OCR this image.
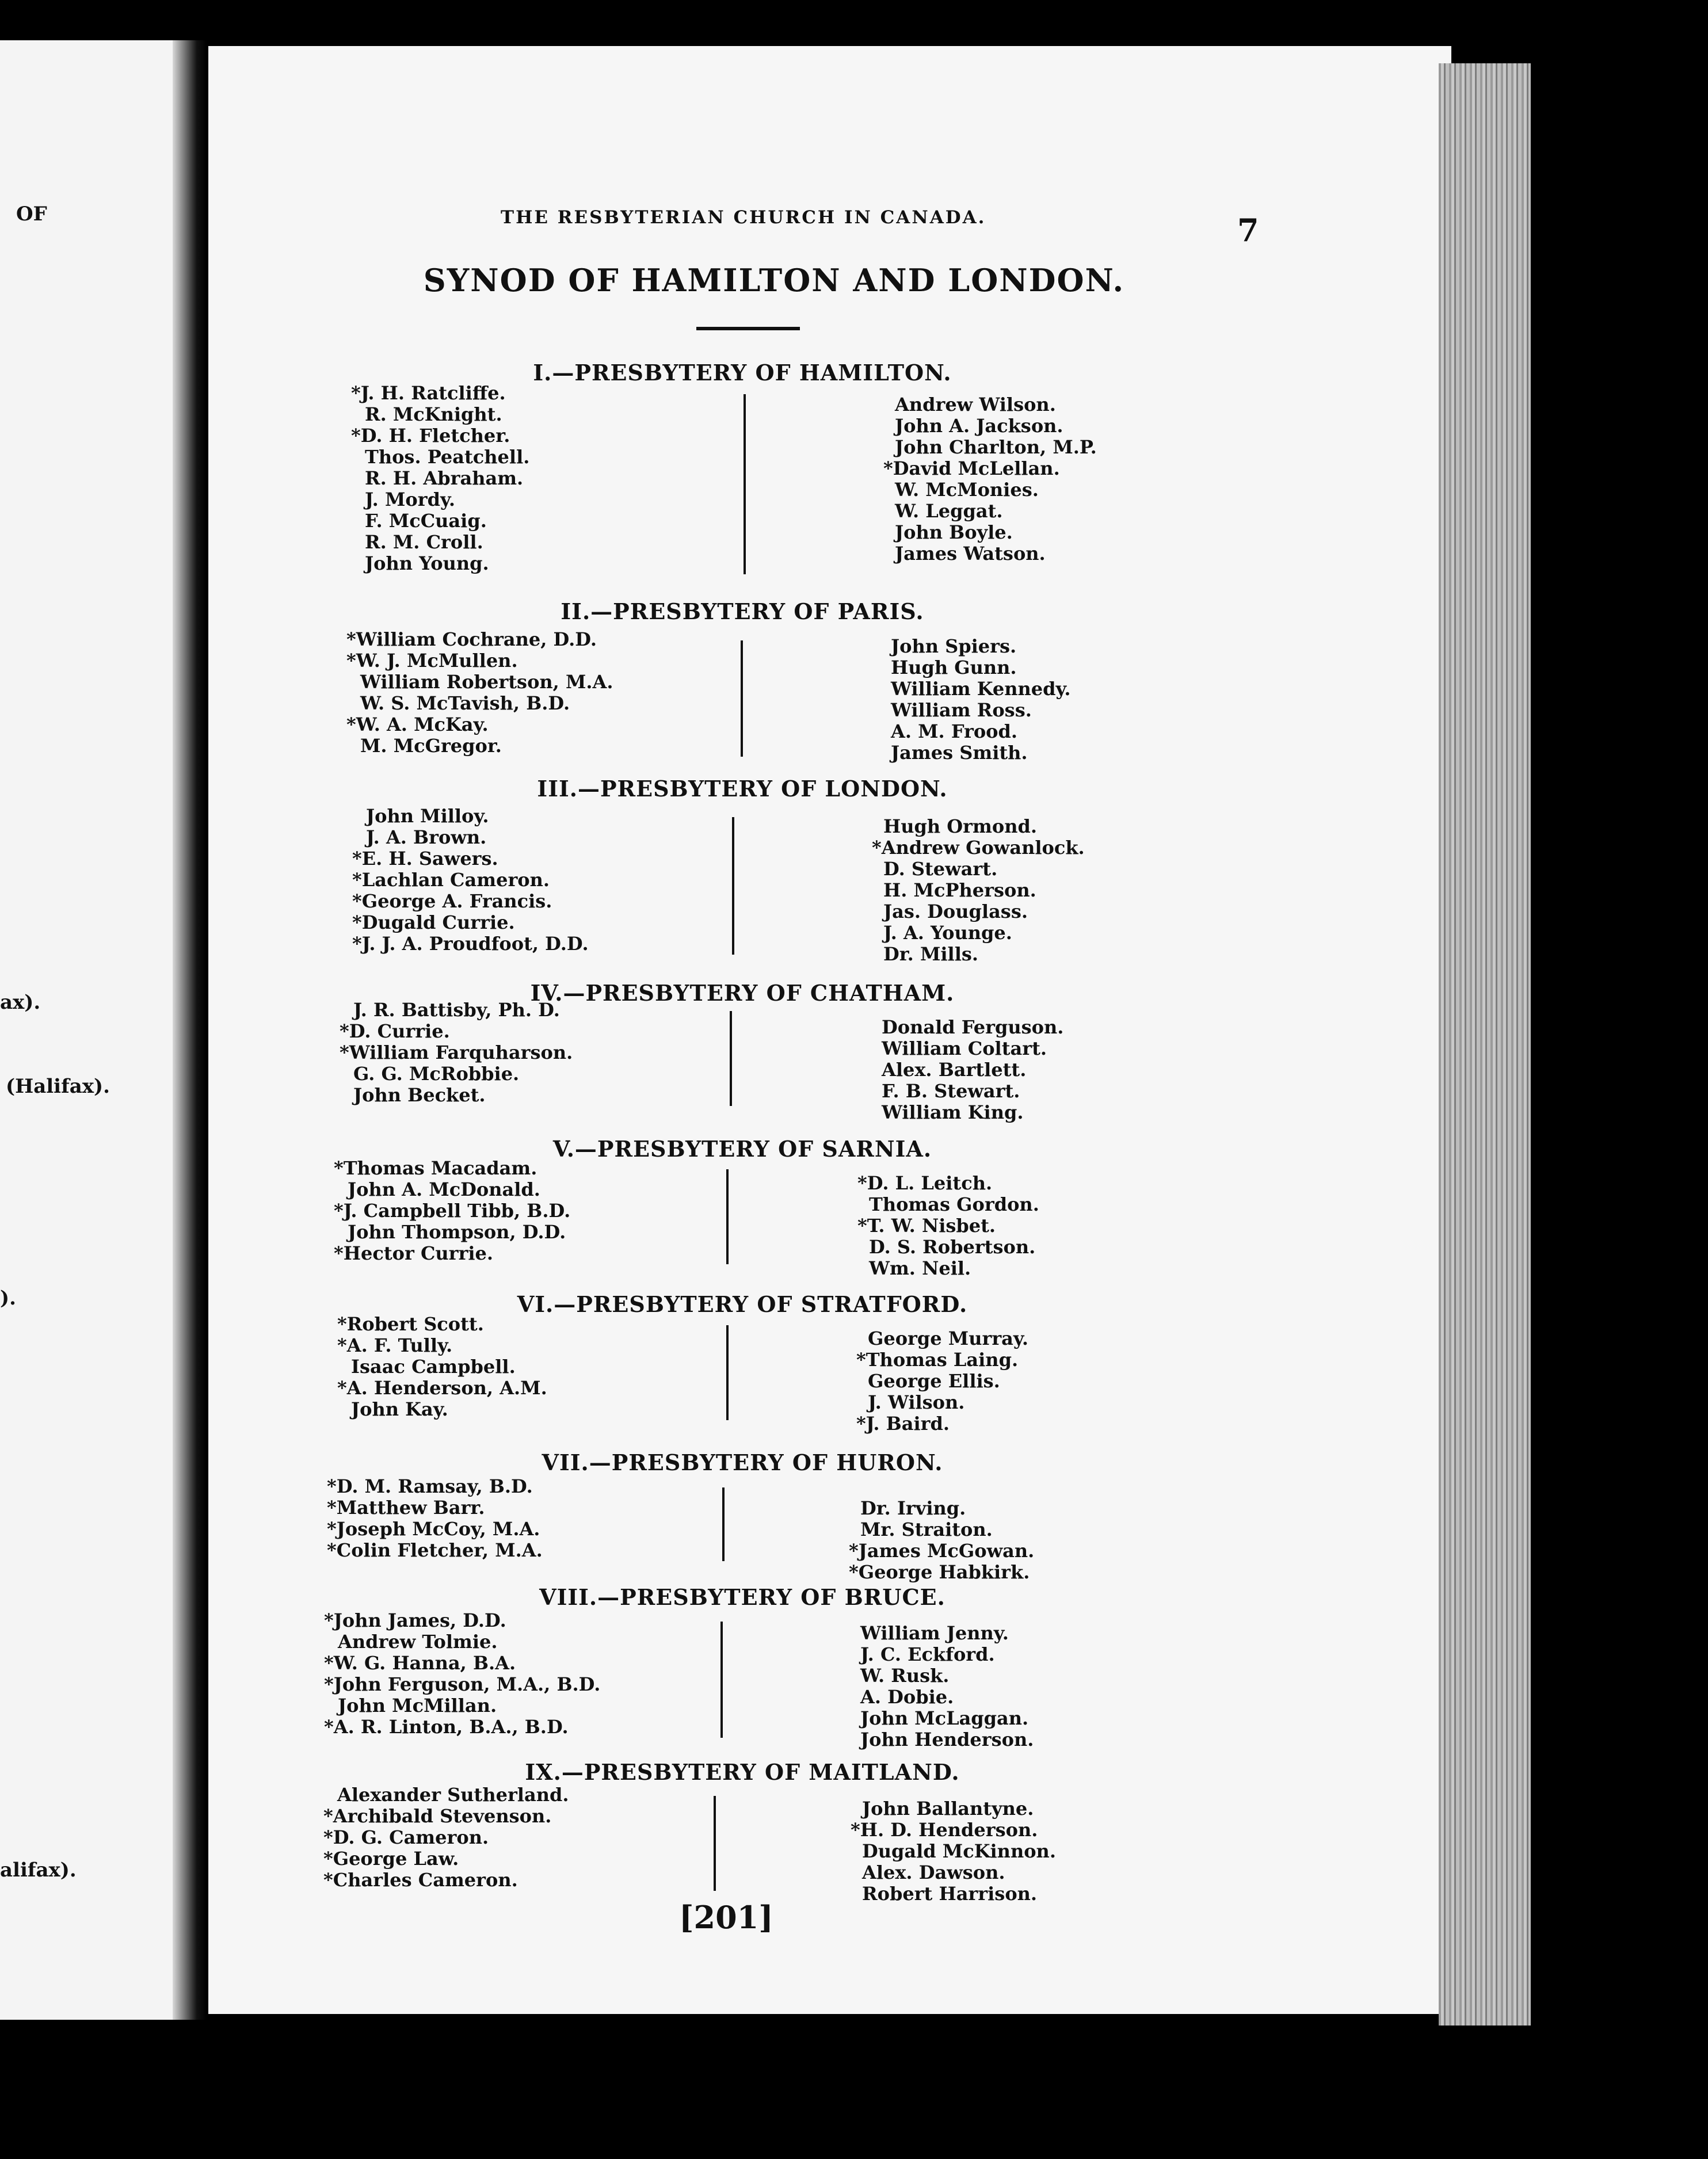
OF
ax).
(Halifax).
).
alifax).
THE RESBYTERIAN CHURCH IN CANADA.	7
SYNOD OF HAMILTON AND LONDON.
I.—PRESBYTERY OF HAMILTON.
*J. H. Ratcliffe.
R. McKnight.
*D. H. Fletcher.
Thos. Peatchell.
R. H. Abraham.
J. Mordy.
F. McCuaig.
R. M. Croll.
John Young.
Andrew Wilson.
John A. Jackson.
John Charlton, M.P.
*David McLellan.
W. McMonies.
W. Leggat.
John Boyle.
James Watson.
II.—PRESBYTERY OF PARIS.
*William Cochrane, D.D.
*W. J. McMullen.
William Robertson, M.A.
W. S. McTavish, B.D.
*W. A. McKay.
M. McGregor.
John Spiers.
Hugh Gunn.
William Kennedy.
William Ross.
A. M. Frood.
James Smith.
III.—PRESBYTERY OF LONDON.
John Milloy.
J. A. Brown.
*E. H. Sawers.
*Lachlan Cameron.
*George A. Francis.
*Dugald Currie.
*J. J. A. Proudfoot, D.D.
Hugh Ormond.
*Andrew Gowanlock.
D. Stewart.
H. McPherson.
Jas. Douglass.
J. A. Younge.
Dr. Mills.
IV.—PRESBYTERY OF CHATHAM.
J. R. Battisby, Ph. D.
*D. Currie.
*William Farquharson.
G. G. McRobbie.
John Becket.
Donald Ferguson.
William Coltart.
Alex. Bartlett.
F. B. Stewart.
William King.
V.—PRESBYTERY OF SARNIA.
*Thomas Macadam.
John A. McDonald.
*J. Campbell Tibb, B.D.
John Thompson, D.D.
*Hector Currie.
*D. L. Leitch.
Thomas Gordon.
*T. W. Nisbet.
D. S. Robertson.
Wm. Neil.
VI.—PRESBYTERY OF STRATFORD.
*Robert Scott.
*A. F. Tully.
Isaac Campbell.
*A. Henderson, A.M.
John Kay.
George Murray.
*Thomas Laing.
George Ellis.
J. Wilson.
*J. Baird.
VII.—PRESBYTERY OF HURON.
*D. M. Ramsay, B.D.
*Matthew Barr.
*Joseph McCoy, M.A.
*Colin Fletcher, M.A.
Dr. Irving.
Mr. Straiton.
*James McGowan.
*George Habkirk.
VIII.—PRESBYTERY OF BRUCE.
*John James, D.D.
Andrew Tolmie.
*W. G. Hanna, B.A.
*John Ferguson, M.A., B.D.
John McMillan.
*A. R. Linton, B.A., B.D.
William Jenny.
J. C. Eckford.
W. Rusk.
A. Dobie.
John McLaggan.
John Henderson.
IX.—PRESBYTERY OF MAITLAND.
Alexander Sutherland.
*Archibald Stevenson.
*D. G. Cameron.
*George Law.
*Charles Cameron.
John Ballantyne.
*H. D. Henderson.
Dugald McKinnon.
Alex. Dawson.
Robert Harrison.
[201]
